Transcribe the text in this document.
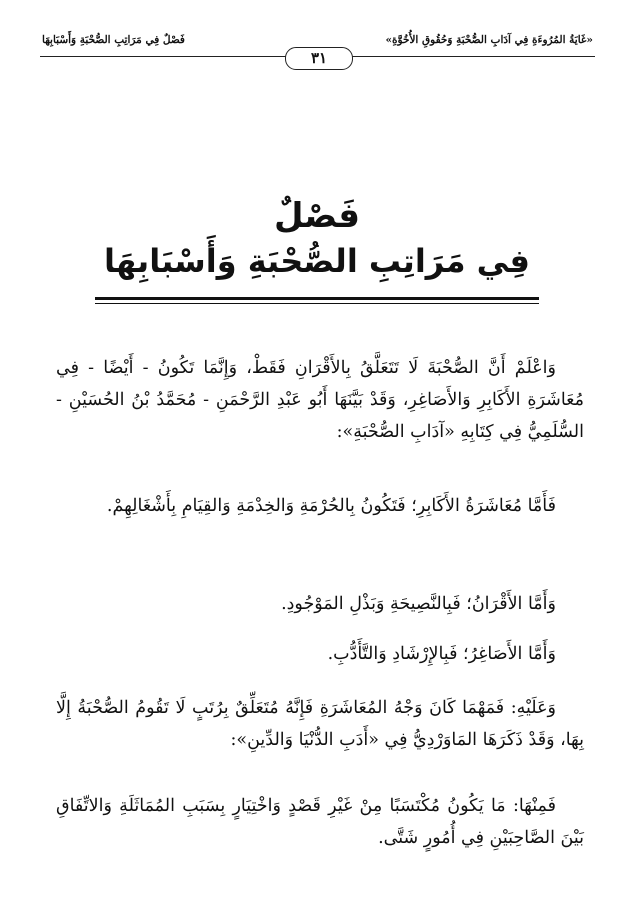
«غَايَةُ المُرُوءَةِ فِي آدَابِ الصُّحْبَةِ وَحُقُوقِ الأُخُوَّةِ»
فَصْلٌ فِي مَرَاتِبِ الصُّحْبَةِ وَأَسْبَابِهَا
٣١
فَصْلٌ
فِي مَرَاتِبِ الصُّحْبَةِ وَأَسْبَابِهَا

وَاعْلَمْ أَنَّ الصُّحْبَةَ لَا تَتَعَلَّقُ بِالأَقْرَانِ فَقَطْ، وَإِنَّمَا تَكُونُ - أَيْضًا - فِي مُعَاشَرَةِ الأَكَابِرِ وَالأَصَاغِرِ، وَقَدْ بَيَّنَهَا أَبُو عَبْدِ الرَّحْمَنِ - مُحَمَّدُ بْنُ الحُسَيْنِ - السُّلَمِيُّ فِي كِتَابِهِ «آدَابِ الصُّحْبَةِ»:

فَأَمَّا مُعَاشَرَةُ الأَكَابِرِ؛ فَتَكُونُ بِالحُرْمَةِ وَالخِدْمَةِ وَالقِيَامِ بِأَشْغَالِهِمْ.

وَأَمَّا الأَقْرَانُ؛ فَبِالنَّصِيحَةِ وَبَذْلِ المَوْجُودِ.

وَأَمَّا الأَصَاغِرُ؛ فَبِالإِرْشَادِ وَالتَّأَدُّبِ.

وَعَلَيْهِ: فَمَهْمَا كَانَ وَجْهُ المُعَاشَرَةِ فَإِنَّهُ مُتَعَلِّقٌ بِرُتَبٍ لَا تَقُومُ الصُّحْبَةُ إِلَّا بِهَا، وَقَدْ ذَكَرَهَا المَاوَرْدِيُّ فِي «أَدَبِ الدُّنْيَا وَالدِّينِ»:

فَمِنْهَا: مَا يَكُونُ مُكْتَسَبًا مِنْ غَيْرِ قَصْدٍ وَاخْتِيَارٍ بِسَبَبِ المُمَاثَلَةِ وَالاتِّفَاقِ بَيْنَ الصَّاحِبَيْنِ فِي أُمُورٍ شَتَّى.
